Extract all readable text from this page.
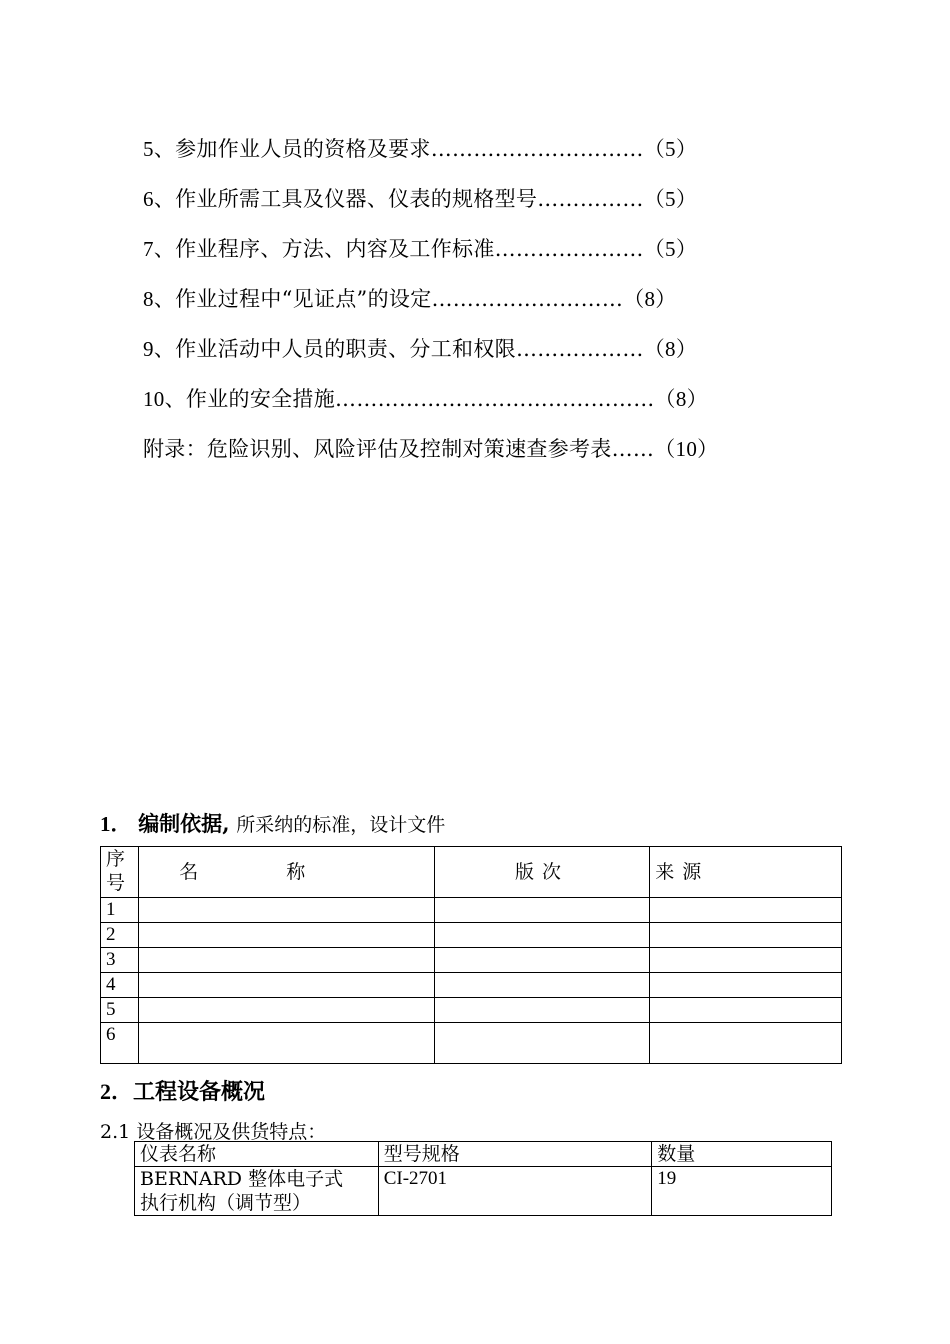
5、参加作业人员的资格及要求…………………………（5）
6、作业所需工具及仪器、仪表的规格型号……………（5）
7、作业程序、方法、内容及工作标准…………………（5）
8、作业过程中“见证点”的设定………………………（8）
9、作业活动中人员的职责、分工和权限………………（8）
10、作业的安全措施………………………………………（8）
附录：危险识别、风险评估及控制对策速查参考表……（10）
1． 编制依据, 所采纳的标准，设计文件
序
号	名称	版次	来源
1			
2			
3			
4			
5			
6			
2．工程设备概况
2.1 设备概况及供货特点：
仪表名称	型号规格	数量

BERNARD 整体电子式
执行机构（调节型）	CI-2701	19
